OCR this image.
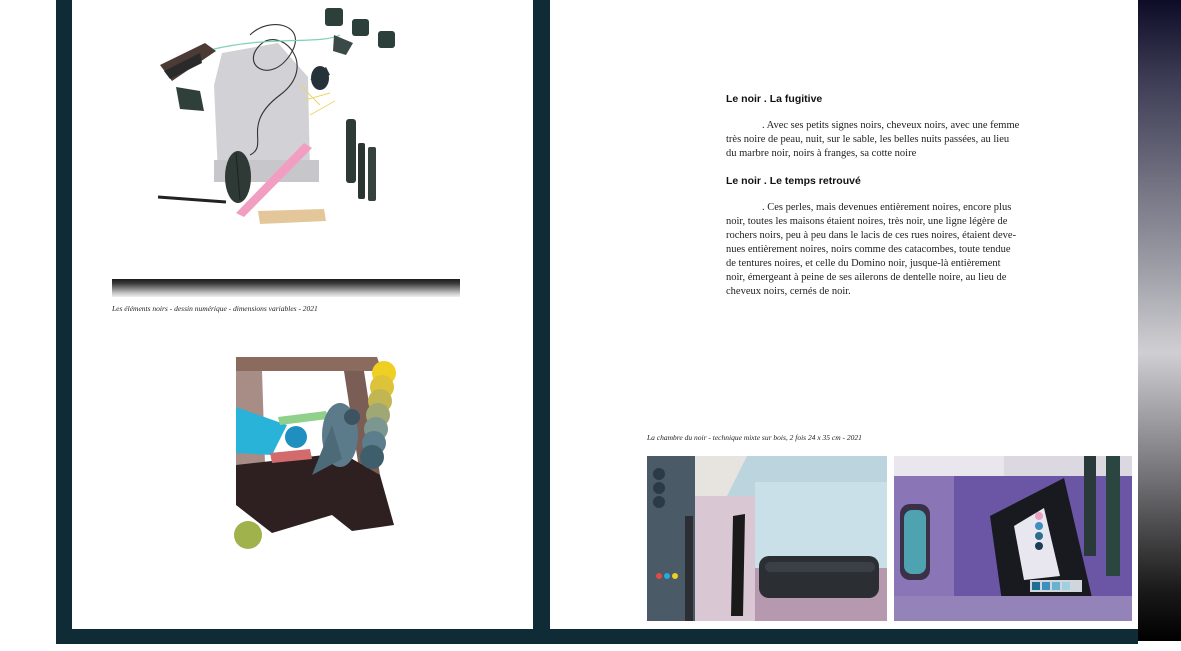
Les éléments noirs - dessin numérique - dimensions variables - 2021

Le noir . La fugitive

. Avec ses petits signes noirs, cheveux noirs, avec une femme

très noire de peau, nuit, sur le sable, les belles nuits passées, au lieu

du marbre noir, noirs à franges, sa cotte noire

Le noir . Le temps retrouvé

. Ces perles, mais devenues entièrement noires, encore plus

noir, toutes les maisons étaient noires, très noir, une ligne légère de

rochers noirs, peu à peu dans le lacis de ces rues noires, étaient deve-

nues entièrement noires, noirs comme des catacombes, toute tendue

de tentures noires, et celle du Domino noir, jusque-là entièrement

noir, émergeant à peine de ses ailerons de dentelle noire, au lieu de

cheveux noirs, cernés de noir.

La chambre du noir - technique mixte sur bois, 2 fois 24 x 35 cm - 2021
